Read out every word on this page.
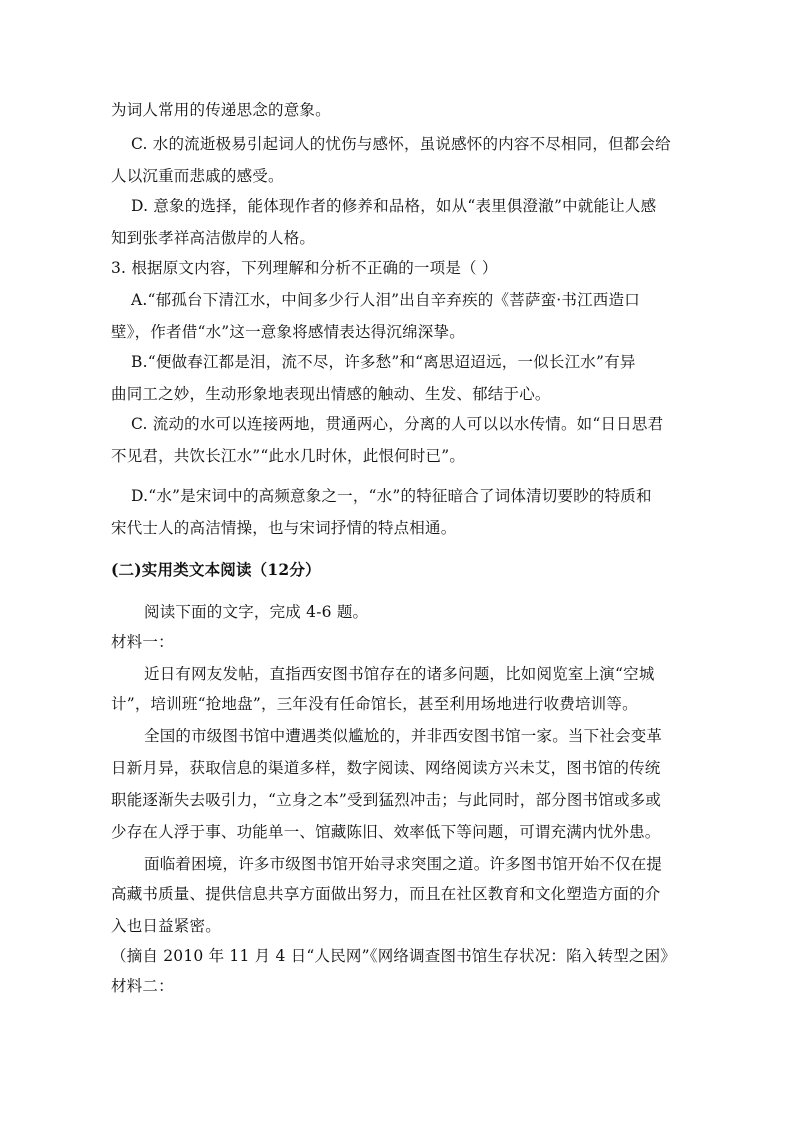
为词人常用的传递思念的意象。
C. 水的流逝极易引起词人的忧伤与感怀，虽说感怀的内容不尽相同，但都会给
人以沉重而悲戚的感受。
D. 意象的选择，能体现作者的修养和品格，如从“表里俱澄澈”中就能让人感
知到张孝祥高洁傲岸的人格。
3. 根据原文内容，下列理解和分析不正确的一项是（ ）
A.“郁孤台下清江水，中间多少行人泪”出自辛弃疾的《菩萨蛮·书江西造口
壁》，作者借“水”这一意象将感情表达得沉绵深挚。
B.“便做春江都是泪，流不尽，许多愁”和“离思迢迢远，一似长江水”有异
曲同工之妙，生动形象地表现出情感的触动、生发、郁结于心。
C. 流动的水可以连接两地，贯通两心，分离的人可以以水传情。如“日日思君
不见君，共饮长江水”“此水几时休，此恨何时已”。
D.“水”是宋词中的高频意象之一，“水”的特征暗合了词体清切要眇的特质和
宋代士人的高洁情操，也与宋词抒情的特点相通。
(二)实用类文本阅读（12分）
阅读下面的文字，完成 4-6 题。
材料一：
近日有网友发帖，直指西安图书馆存在的诸多问题，比如阅览室上演“空城
计”，培训班“抢地盘”，三年没有任命馆长，甚至利用场地进行收费培训等。
全国的市级图书馆中遭遇类似尴尬的，并非西安图书馆一家。当下社会变革
日新月异，获取信息的渠道多样，数字阅读、网络阅读方兴未艾，图书馆的传统
职能逐渐失去吸引力，“立身之本”受到猛烈冲击；与此同时，部分图书馆或多或
少存在人浮于事、功能单一、馆藏陈旧、效率低下等问题，可谓充满内忧外患。
面临着困境，许多市级图书馆开始寻求突围之道。许多图书馆开始不仅在提
高藏书质量、提供信息共享方面做出努力，而且在社区教育和文化塑造方面的介
入也日益紧密。
（摘自 2010 年 11 月 4 日“人民网”《网络调查图书馆生存状况：陷入转型之困》
材料二：
